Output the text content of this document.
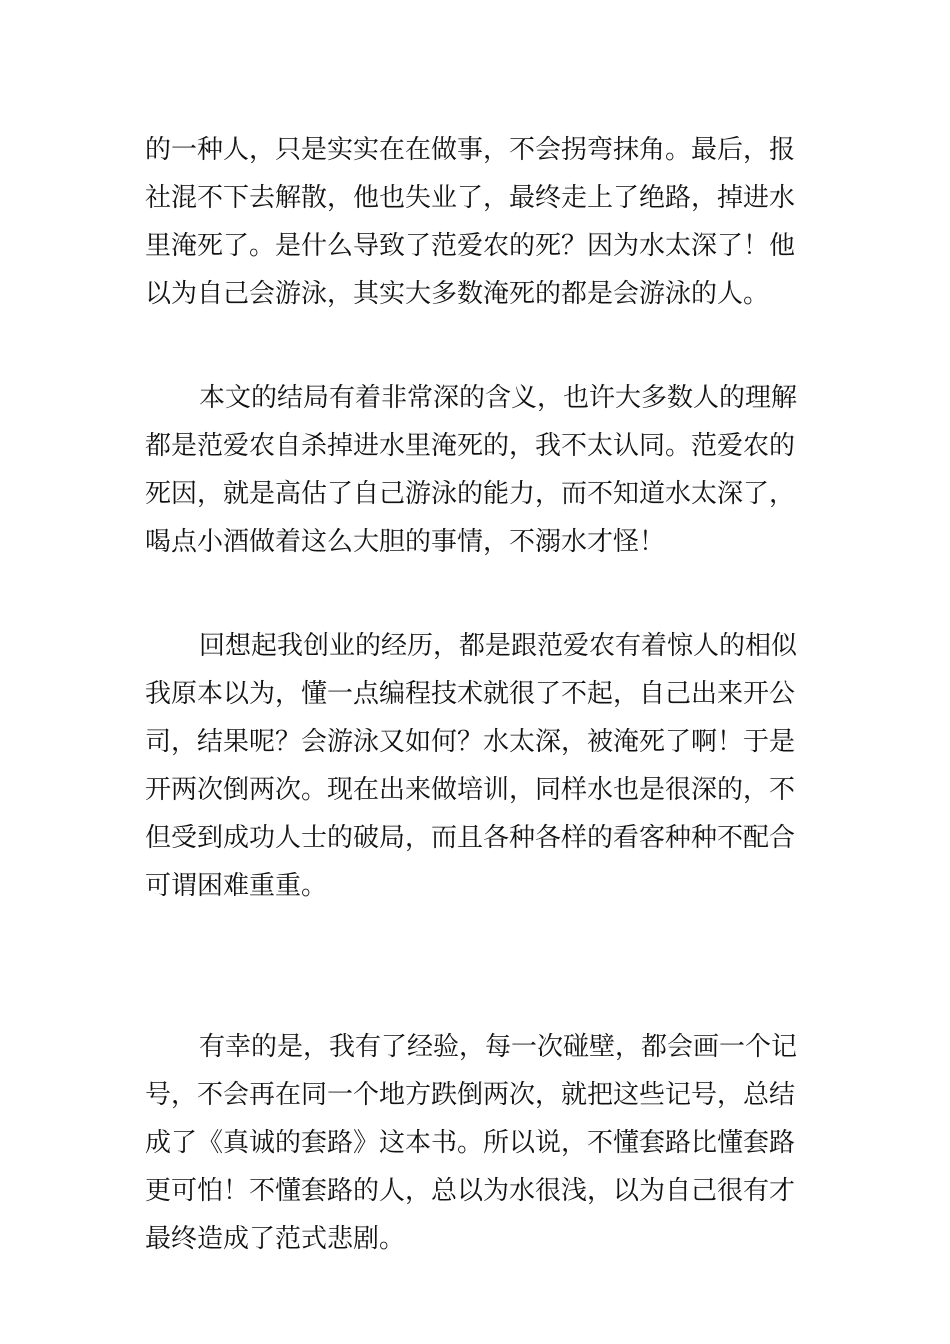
的一种人，只是实实在在做事，不会拐弯抹角。最后，报
社混不下去解散，他也失业了，最终走上了绝路，掉进水
里淹死了。是什么导致了范爱农的死？因为水太深了！他
以为自己会游泳，其实大多数淹死的都是会游泳的人。
本文的结局有着非常深的含义，也许大多数人的理解
都是范爱农自杀掉进水里淹死的，我不太认同。范爱农的
死因，就是高估了自己游泳的能力，而不知道水太深了，
喝点小酒做着这么大胆的事情，不溺水才怪！
回想起我创业的经历，都是跟范爱农有着惊人的相似
我原本以为，懂一点编程技术就很了不起，自己出来开公
司，结果呢？会游泳又如何？水太深，被淹死了啊！于是
开两次倒两次。现在出来做培训，同样水也是很深的，不
但受到成功人士的破局，而且各种各样的看客种种不配合
可谓困难重重。
有幸的是，我有了经验，每一次碰壁，都会画一个记
号，不会再在同一个地方跌倒两次，就把这些记号，总结
成了《真诚的套路》这本书。所以说，不懂套路比懂套路
更可怕！不懂套路的人，总以为水很浅，以为自己很有才
最终造成了范式悲剧。
